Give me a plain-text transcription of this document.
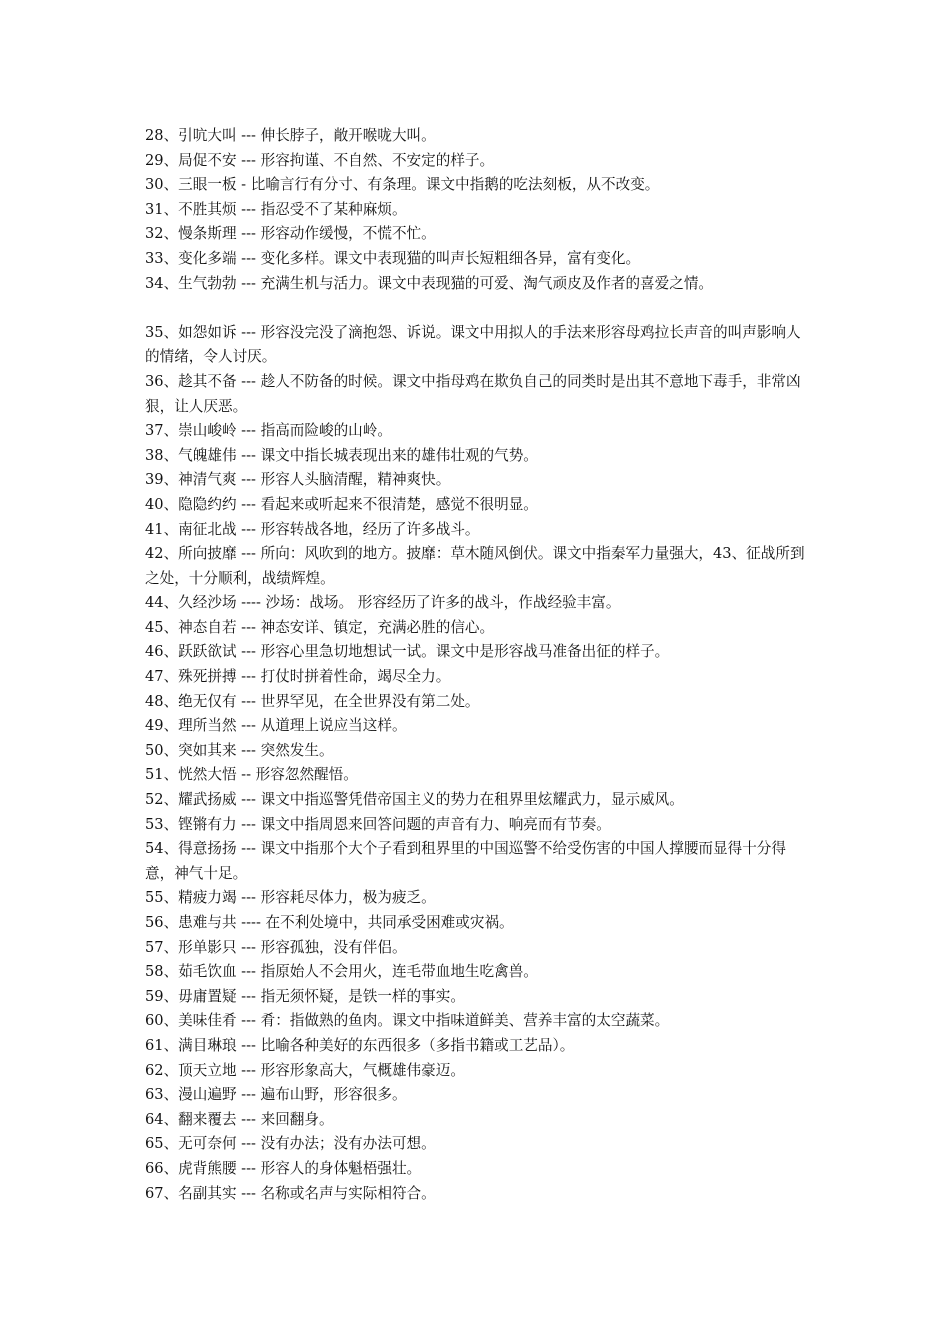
28、引吭大叫 --- 伸长脖子，敞开喉咙大叫。

29、局促不安 --- 形容拘谨、不自然、不安定的样子。

30、三眼一板 - 比喻言行有分寸、有条理。课文中指鹅的吃法刻板，从不改变。

31、不胜其烦 --- 指忍受不了某种麻烦。

32、慢条斯理 --- 形容动作缓慢，不慌不忙。

33、变化多端 --- 变化多样。课文中表现猫的叫声长短粗细各异，富有变化。

34、生气勃勃 --- 充满生机与活力。课文中表现猫的可爱、淘气顽皮及作者的喜爱之情。

35、如怨如诉 --- 形容没完没了滴抱怨、诉说。课文中用拟人的手法来形容母鸡拉长声音的叫声影响人的情绪，令人讨厌。

36、趁其不备 --- 趁人不防备的时候。课文中指母鸡在欺负自己的同类时是出其不意地下毒手，非常凶狠，让人厌恶。

37、崇山峻岭 --- 指高而险峻的山岭。

38、气魄雄伟 --- 课文中指长城表现出来的雄伟壮观的气势。

39、神清气爽 --- 形容人头脑清醒，精神爽快。

40、隐隐约约 --- 看起来或听起来不很清楚，感觉不很明显。

41、南征北战 --- 形容转战各地，经历了许多战斗。

42、所向披靡 --- 所向：风吹到的地方。披靡：草木随风倒伏。课文中指秦军力量强大，43、征战所到之处，十分顺利，战绩辉煌。

44、久经沙场 ---- 沙场：战场。 形容经历了许多的战斗，作战经验丰富。

45、神态自若 --- 神态安详、镇定，充满必胜的信心。

46、跃跃欲试 --- 形容心里急切地想试一试。课文中是形容战马准备出征的样子。

47、殊死拼搏 --- 打仗时拼着性命，竭尽全力。

48、绝无仅有 --- 世界罕见，在全世界没有第二处。

49、理所当然 --- 从道理上说应当这样。

50、突如其来 --- 突然发生。

51、恍然大悟 -- 形容忽然醒悟。

52、耀武扬威 --- 课文中指巡警凭借帝国主义的势力在租界里炫耀武力，显示威风。

53、铿锵有力 --- 课文中指周恩来回答问题的声音有力、响亮而有节奏。

54、得意扬扬 --- 课文中指那个大个子看到租界里的中国巡警不给受伤害的中国人撑腰而显得十分得意，神气十足。

55、精疲力竭 --- 形容耗尽体力，极为疲乏。

56、患难与共 ---- 在不利处境中，共同承受困难或灾祸。

57、形单影只 --- 形容孤独，没有伴侣。

58、茹毛饮血 --- 指原始人不会用火，连毛带血地生吃禽兽。

59、毋庸置疑 --- 指无须怀疑，是铁一样的事实。

60、美味佳肴 --- 肴：指做熟的鱼肉。课文中指味道鲜美、营养丰富的太空蔬菜。

61、满目琳琅 --- 比喻各种美好的东西很多（多指书籍或工艺品）。

62、顶天立地 --- 形容形象高大，气概雄伟豪迈。

63、漫山遍野 --- 遍布山野，形容很多。

64、翻来覆去 --- 来回翻身。

65、无可奈何 --- 没有办法；没有办法可想。

66、虎背熊腰 --- 形容人的身体魁梧强壮。

67、名副其实 --- 名称或名声与实际相符合。
